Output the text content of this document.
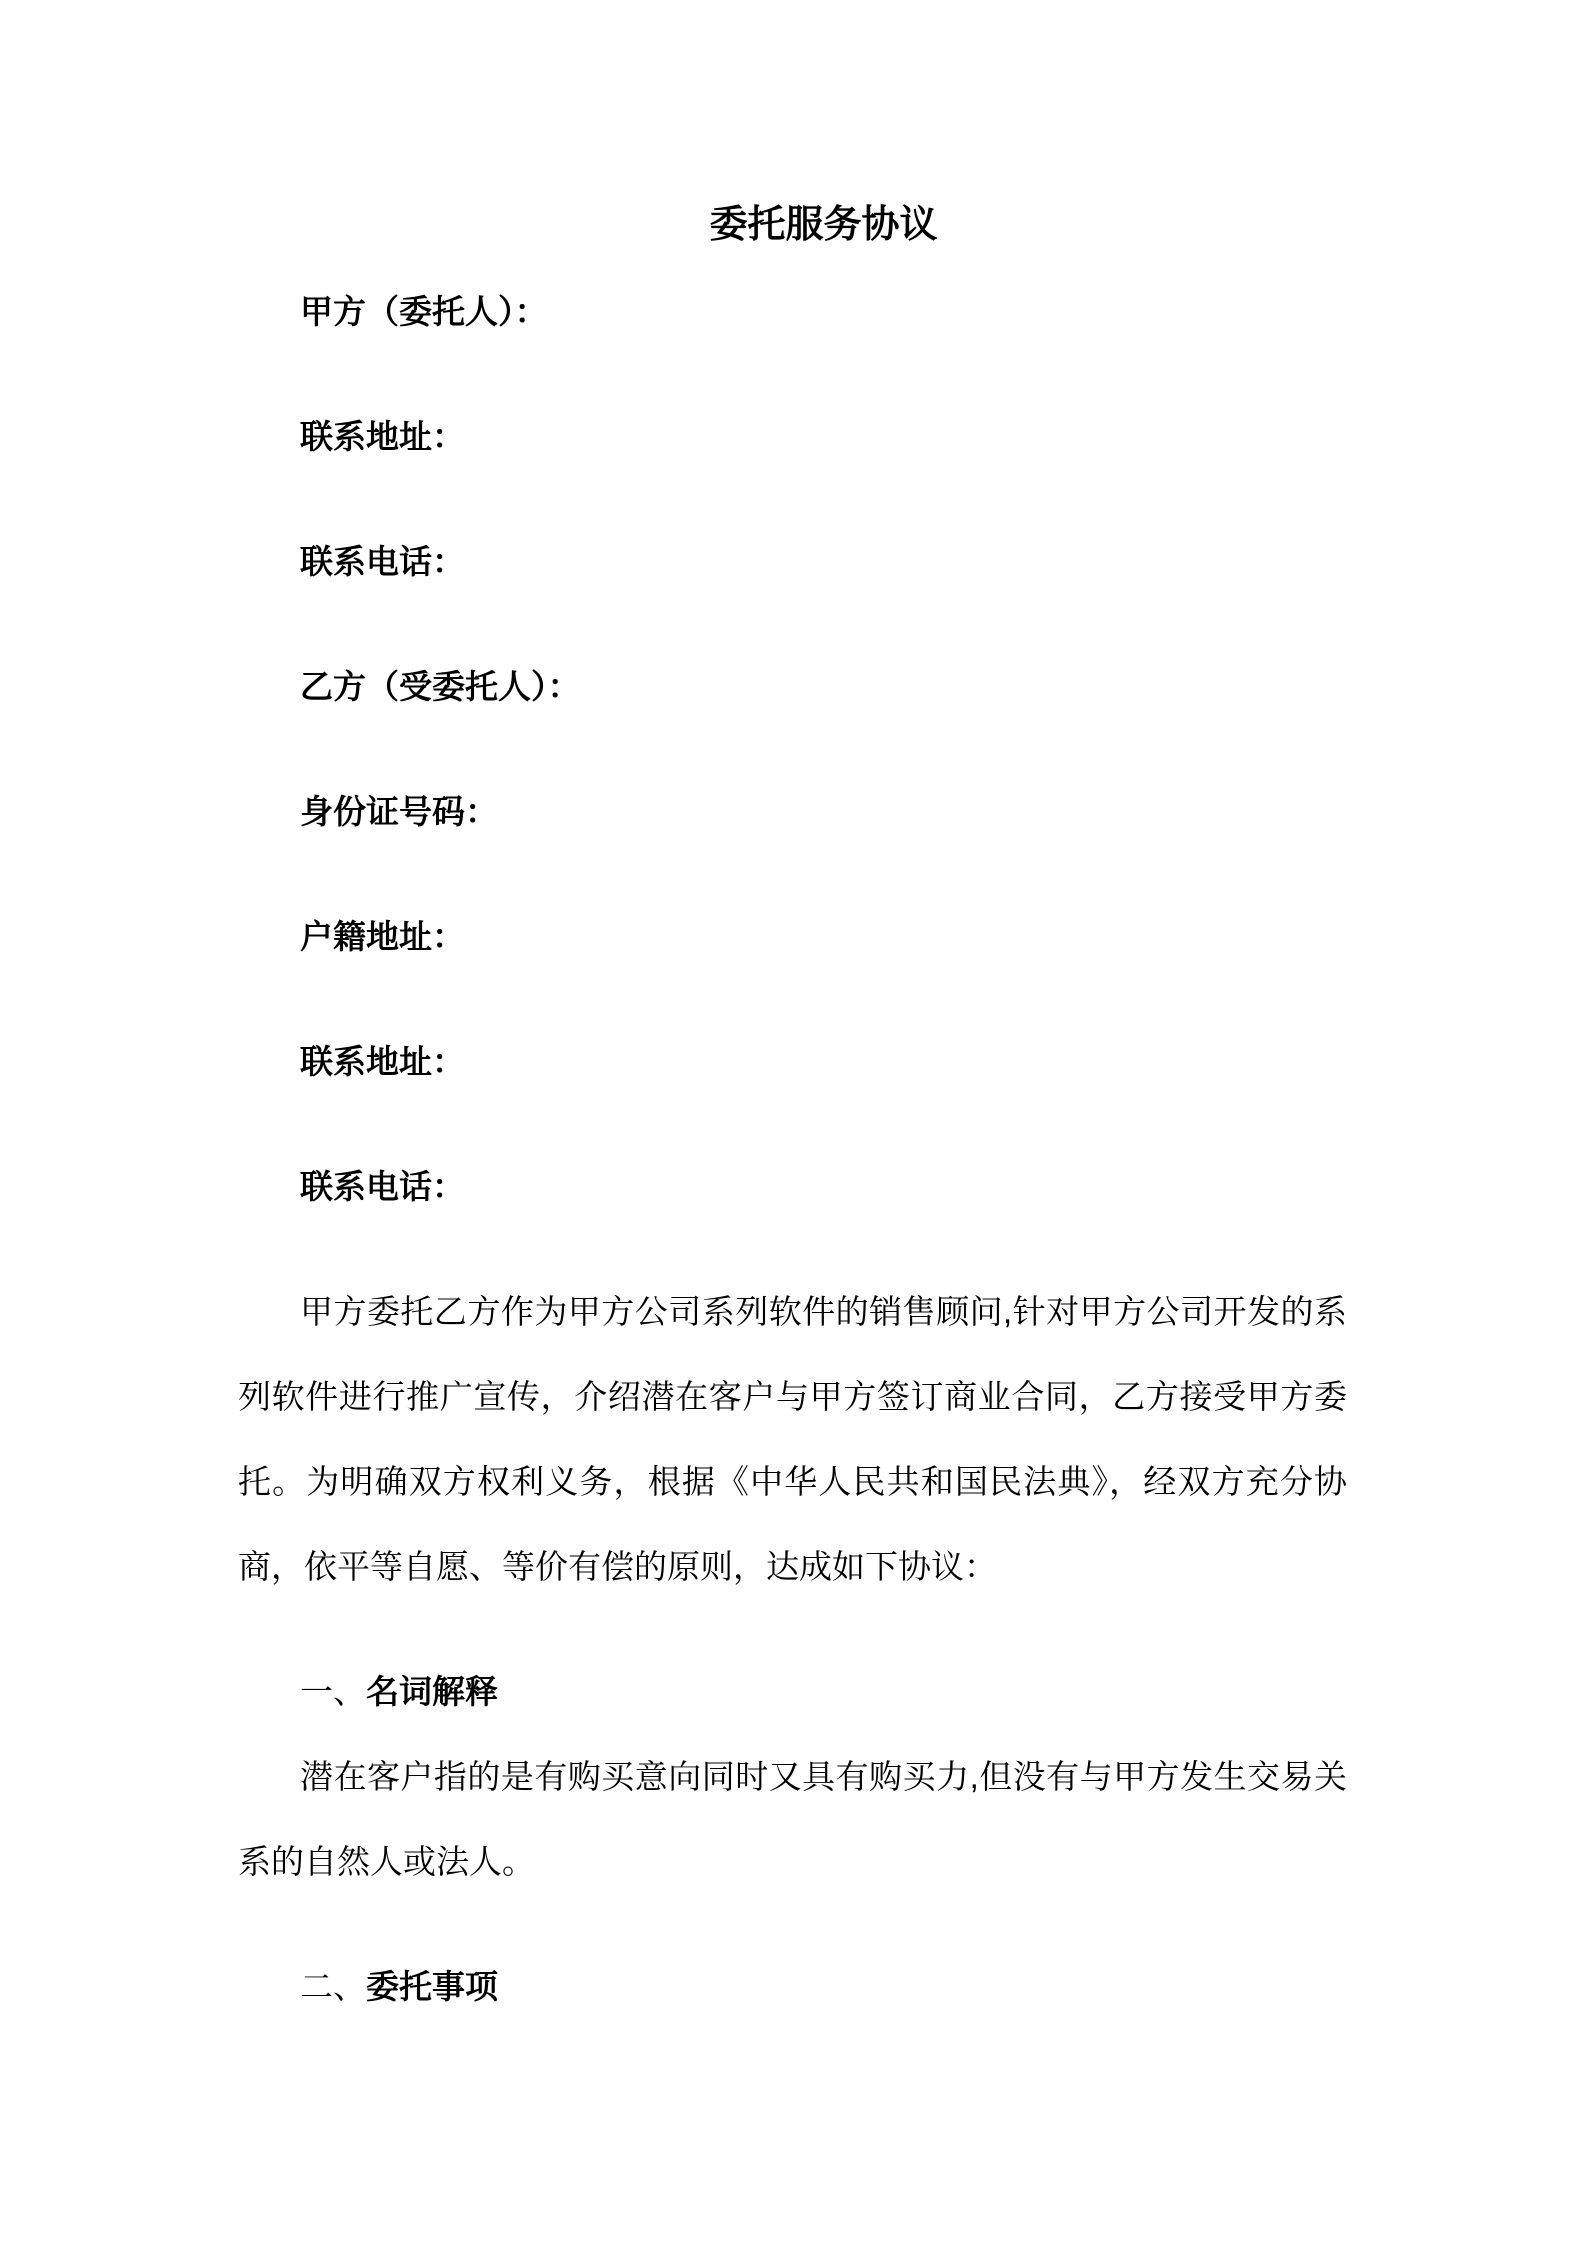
委托服务协议

甲方（委托人）：

联系地址：

联系电话：

乙方（受委托人）：

身份证号码：

户籍地址：

联系地址：

联系电话：

甲方委托乙方作为甲方公司系列软件的销售顾问,针对甲方公司开发的系列软件进行推广宣传，介绍潜在客户与甲方签订商业合同，乙方接受甲方委托。为明确双方权利义务，根据《中华人民共和国民法典》，经双方充分协商，依平等自愿、等价有偿的原则，达成如下协议：

一、名词解释

潜在客户指的是有购买意向同时又具有购买力,但没有与甲方发生交易关系的自然人或法人。

二、委托事项
